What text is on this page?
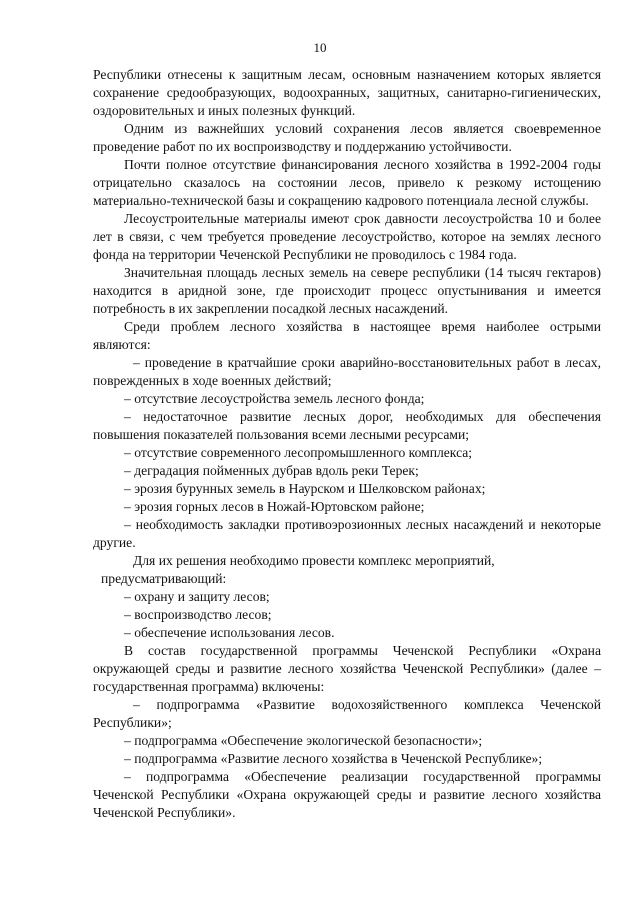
10

Республики отнесены к защитным лесам, основным назначением которых является сохранение средообразующих, водоохранных, защитных, санитарно-гигиенических, оздоровительных и иных полезных функций.

Одним из важнейших условий сохранения лесов является своевременное проведение работ по их воспроизводству и поддержанию устойчивости.

Почти полное отсутствие финансирования лесного хозяйства в 1992-2004 годы отрицательно сказалось на состоянии лесов, привело к резкому истощению материально-технической базы и сокращению кадрового потенциала лесной службы.

Лесоустроительные материалы имеют срок давности лесоустройства 10 и более лет в связи, с чем требуется проведение лесоустройство, которое на землях лесного фонда на территории Чеченской Республики не проводилось с 1984 года.

Значительная площадь лесных земель на севере республики (14 тысяч гектаров) находится в аридной зоне, где происходит процесс опустынивания и имеется потребность в их закреплении посадкой лесных насаждений.

Среди проблем лесного хозяйства в настоящее время наиболее острыми являются:

– проведение в кратчайшие сроки аварийно-восстановительных работ в лесах, поврежденных в ходе военных действий;

– отсутствие лесоустройства земель лесного фонда;

– недостаточное развитие лесных дорог, необходимых для обеспечения повышения показателей пользования всеми лесными ресурсами;

– отсутствие современного лесопромышленного комплекса;

– деградация пойменных дубрав вдоль реки Терек;

– эрозия бурунных земель в Наурском и Шелковском районах;

– эрозия горных лесов в Ножай-Юртовском районе;

– необходимость закладки противоэрозионных лесных насаждений и некоторые другие.

Для их решения необходимо провести комплекс мероприятий,

предусматривающий:

– охрану и защиту лесов;

– воспроизводство лесов;

– обеспечение использования лесов.

В состав государственной программы Чеченской Республики «Охрана окружающей среды и развитие лесного хозяйства Чеченской Республики» (далее – государственная программа) включены:

– подпрограмма «Развитие водохозяйственного комплекса Чеченской Республики»;

– подпрограмма «Обеспечение экологической безопасности»;

– подпрограмма «Развитие лесного хозяйства в Чеченской Республике»;

– подпрограмма «Обеспечение реализации государственной программы Чеченской Республики «Охрана окружающей среды и развитие лесного хозяйства Чеченской Республики».
